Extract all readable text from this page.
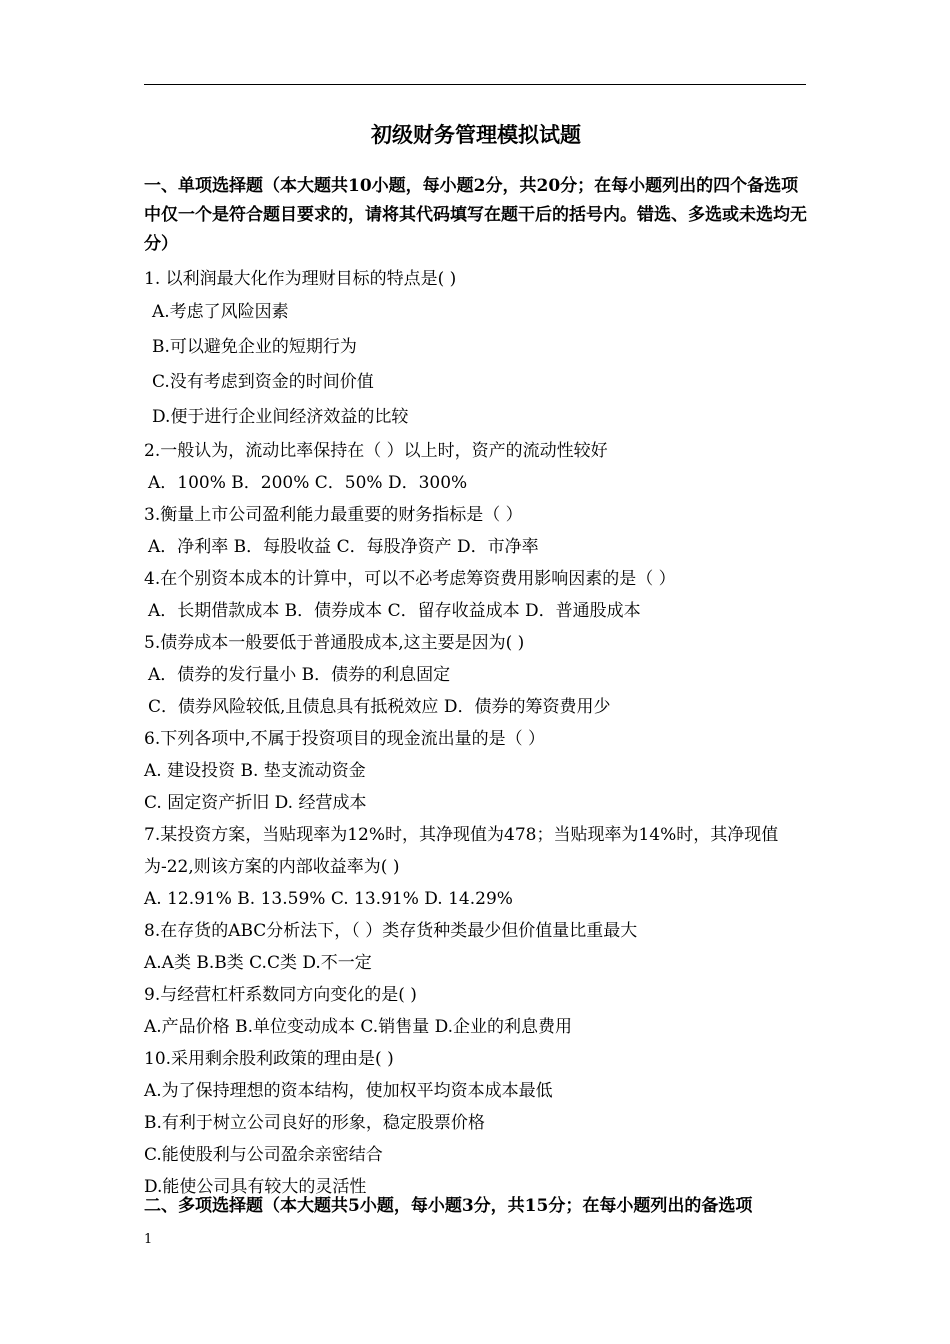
初级财务管理模拟试题
一、单项选择题（本大题共10小题，每小题2分，共20分；在每小题列出的四个备选项中仅一个是符合题目要求的，请将其代码填写在题干后的括号内。错选、多选或未选均无分）
1. 以利润最大化作为理财目标的特点是( )
A.考虑了风险因素
B.可以避免企业的短期行为
C.没有考虑到资金的时间价值
D.便于进行企业间经济效益的比较
2.一般认为，流动比率保持在（ ）以上时，资产的流动性较好
A．100% B．200% C．50% D．300%
3.衡量上市公司盈利能力最重要的财务指标是（ ）
A．净利率 B．每股收益 C．每股净资产 D．市净率
4.在个别资本成本的计算中，可以不必考虑筹资费用影响因素的是（ ）
A．长期借款成本 B．债券成本 C．留存收益成本 D．普通股成本
5.债券成本一般要低于普通股成本,这主要是因为( )
A．债券的发行量小 B．债券的利息固定
C．债券风险较低,且债息具有抵税效应 D．债券的筹资费用少
6.下列各项中,不属于投资项目的现金流出量的是（ ）
A. 建设投资 B. 垫支流动资金
C. 固定资产折旧 D. 经营成本
7.某投资方案，当贴现率为12%时，其净现值为478；当贴现率为14%时，其净现值为-22,则该方案的内部收益率为( )
A. 12.91% B. 13.59% C. 13.91% D. 14.29%
8.在存货的ABC分析法下，（ ）类存货种类最少但价值量比重最大
A.A类 B.B类 C.C类 D.不一定
9.与经营杠杆系数同方向变化的是( )
A.产品价格 B.单位变动成本 C.销售量 D.企业的利息费用
10.采用剩余股利政策的理由是( )
A.为了保持理想的资本结构，使加权平均资本成本最低
B.有利于树立公司良好的形象，稳定股票价格
C.能使股利与公司盈余亲密结合
D.能使公司具有较大的灵活性
二、多项选择题（本大题共5小题，每小题3分，共15分；在每小题列出的备选项
1
